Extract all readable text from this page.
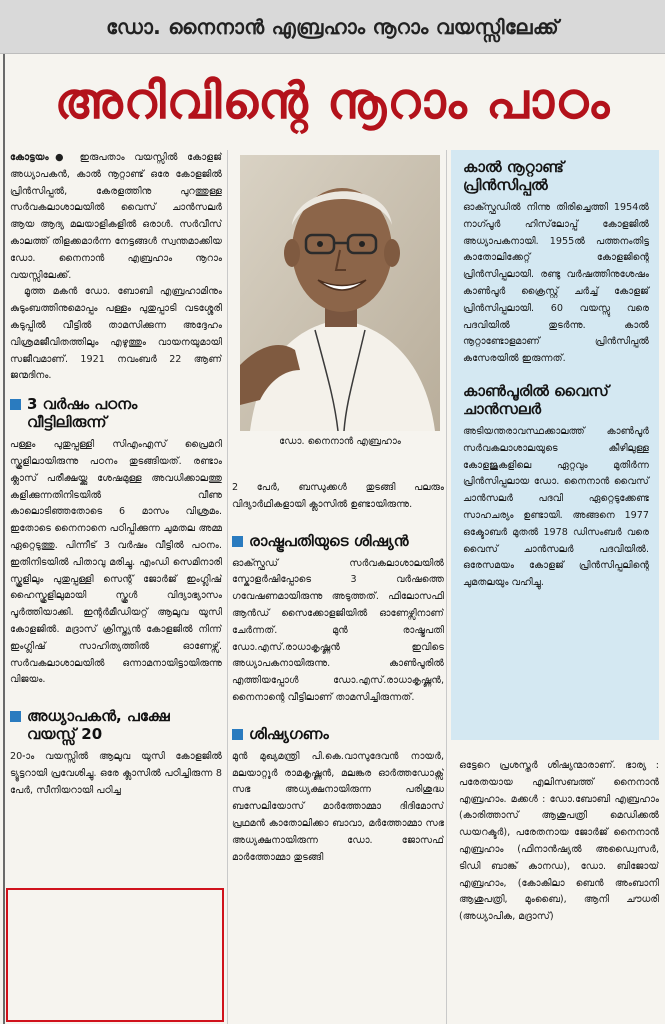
ഡോ. നൈനാൻ എബ്രഹാം നൂറാം വയസ്സിലേക്ക്
അറിവിന്റെ നൂറാം പാഠം

കോട്ടയം● ഇരുപതാം വയസ്സിൽ കോളജ് അധ്യാപകൻ, കാൽ നൂറ്റാണ്ട് ഒരേ കോളജിൽ പ്രിൻസിപ്പൽ, കേരളത്തിനു പുറത്തുള്ള സർവകലാശാലയിൽ വൈസ് ചാൻസലർ ആയ ആദ്യ മലയാളികളിൽ ഒരാൾ. സർവീസ് കാലത്ത് തിളക്കമാർന്ന നേട്ടങ്ങൾ സ്വന്തമാക്കിയ ഡോ. നൈനാൻ എബ്രഹാം നൂറാം വയസ്സിലേക്ക്.

മൂത്ത മകൻ ഡോ. ബോബി എബ്രഹാമിനും കുടുംബത്തിനുമൊപ്പം പള്ളം പുതുപ്പാടി വടശ്ശേരി കടുപ്പിൽ വീട്ടിൽ താമസിക്കുന്ന അദ്ദേഹം വിശ്രമജീവിതത്തിലും എഴുത്തും വായനയുമായി സജീവമാണ്. 1921 നവംബർ 22 ആണ് ജന്മദിനം.

3 വർഷം പഠനം വീട്ടിലിരുന്ന്
പള്ളം പുതുപ്പള്ളി സിഎംഎസ് പ്രൈമറി സ്കൂളിലായിരുന്നു പഠനം തുടങ്ങിയത്. രണ്ടാം ക്ലാസ് പരീക്ഷയ്ക്കു ശേഷമുള്ള അവധിക്കാലത്തു കളിക്കുന്നതിനിടയിൽ വീണു കാലൊടിഞ്ഞതോടെ 6 മാസം വിശ്രമം. ഇതോടെ നൈനാനെ പഠിപ്പിക്കുന്ന ചുമതല അമ്മ ഏറ്റെടുത്തു. പിന്നീട് 3 വർഷം വീട്ടിൽ പഠനം. ഇതിനിടയിൽ പിതാവു മരിച്ചു. എംഡി സെമിനാരി സ്കൂളിലും പുതുപ്പള്ളി സെന്റ് ജോർജ് ഇംഗ്ലിഷ് ഹൈസ്കൂളിലുമായി സ്കൂൾ വിദ്യാഭ്യാസം പൂർത്തിയാക്കി. ഇന്റർമീഡിയറ്റ് ആലുവ യുസി കോളജിൽ. മദ്രാസ് ക്രിസ്ത്യൻ കോളജിൽ നിന്ന് ഇംഗ്ലിഷ് സാഹിത്യത്തിൽ ഓണേഴ്സ്. സർവകലാശാലയിൽ ഒന്നാമനായിട്ടായിരുന്നു വിജയം.
അധ്യാപകൻ, പക്ഷേ വയസ്സ് 20
20-ാം വയസ്സിൽ ആലുവ യുസി കോളജിൽ ട്യൂട്ടറായി പ്രവേശിച്ചു. ഒരേ ക്ലാസിൽ പഠിച്ചിരുന്ന 8 പേർ, സീനിയറായി പഠിച്ച
ഡോ. നൈനാൻ എബ്രഹാം
2 പേർ, ബന്ധുക്കൾ തുടങ്ങി പലരും വിദ്യാർഥികളായി ക്ലാസിൽ ഉണ്ടായിരുന്നു.
രാഷ്ട്രപതിയുടെ ശിഷ്യൻ
ഓക്സ്ഫഡ് സർവകലാശാലയിൽ സ്കോളർഷിപ്പോടെ 3 വർഷത്തെ ഗവേഷണമായിരുന്നു അടുത്തത്. ഫിലോസഫി ആൻഡ് സൈക്കോളജിയിൽ ഓണേഴ്സിനാണ് ചേർന്നത്. മുൻ രാഷ്ട്രപതി ഡോ.എസ്.രാധാകൃഷ്ണൻ ഇവിടെ അധ്യാപകനായിരുന്നു. കാൺപൂരിൽ എത്തിയപ്പോൾ ഡോ.എസ്.രാധാകൃഷ്ണൻ, നൈനാന്റെ വീട്ടിലാണ് താമസിച്ചിരുന്നത്.
ശിഷ്യഗണം
മുൻ മുഖ്യമന്ത്രി പി.കെ.വാസുദേവൻ നായർ, മലയാറ്റൂർ രാമകൃഷ്ണൻ, മലങ്കര ഓർത്തഡോക്സ് സഭ അധ്യക്ഷനായിരുന്ന പരിശുദ്ധ ബസേലിയോസ് മാർത്തോമ്മാ ദിദിമോസ് പ്രഥമൻ കാതോലിക്കാ ബാവാ, മർത്തോമ്മാ സഭ അധ്യക്ഷനായിരുന്ന ഡോ. ജോസഫ് മാർത്തോമ്മാ തുടങ്ങി
കാൽ നൂറ്റാണ്ട് പ്രിൻസിപ്പൽ
ഓക്സ്ഫഡിൽ നിന്നു തിരിച്ചെത്തി 1954ൽ നാഗ്പൂർ ഹിസ്‌ലോപ്പ് കോളജിൽ അധ്യാപകനായി. 1955ൽ പത്തനംതിട്ട കാതോലിക്കേറ്റ് കോളജിന്റെ പ്രിൻസിപ്പലായി. രണ്ടു വർഷത്തിനുശേഷം കാൺപൂർ ക്രൈസ്റ്റ് ചർച്ച് കോളജ് പ്രിൻസിപ്പലായി. 60 വയസ്സു വരെ പദവിയിൽ തുടർന്നു. കാൽ നൂറ്റാണ്ടോളമാണ് പ്രിൻസിപ്പൽ കസേരയിൽ ഇരുന്നത്.
കാൺപൂരിൽ വൈസ് ചാൻസലർ
അടിയന്തരാവസ്ഥക്കാലത്ത് കാൺപൂർ സർവകലാശാലയുടെ കീഴിലുള്ള കോളജുകളിലെ ഏറ്റവും മുതിർന്ന പ്രിൻസിപ്പലായ ഡോ. നൈനാൻ വൈസ് ചാൻസലർ പദവി ഏറ്റെടുക്കേണ്ട സാഹചര്യം ഉണ്ടായി. അങ്ങനെ 1977 ഒക്ടോബർ മുതൽ 1978 ഡിസംബർ വരെ വൈസ് ചാൻസലർ പദവിയിൽ. ഒരേസമയം കോളജ് പ്രിൻസിപ്പലിന്റെ ചുമതലയും വഹിച്ചു.
ഒട്ടേറെ പ്രശസ്തർ ശിഷ്യന്മാരാണ്. ഭാര്യ : പരേതയായ എലിസബത്ത് നൈനാൻ എബ്രഹാം. മക്കൾ : ഡോ.ബോബി എബ്രഹാം (കാരിത്താസ് ആശുപത്രി മെഡിക്കൽ ഡയറക്ടർ), പരേതനായ ജോർജ് നൈനാൻ എബ്രഹാം (ഫിനാൻഷ്യൽ അഡ്വൈസർ, ടിഡി ബാങ്ക് കാനഡ), ഡോ. ബിജോയ് എബ്രഹാം, (കോകിലാ ബെൻ അംബാനി ആശുപത്രി, മുംബൈ), ആനി ചൗധരി (അധ്യാപിക, മദ്രാസ്)
